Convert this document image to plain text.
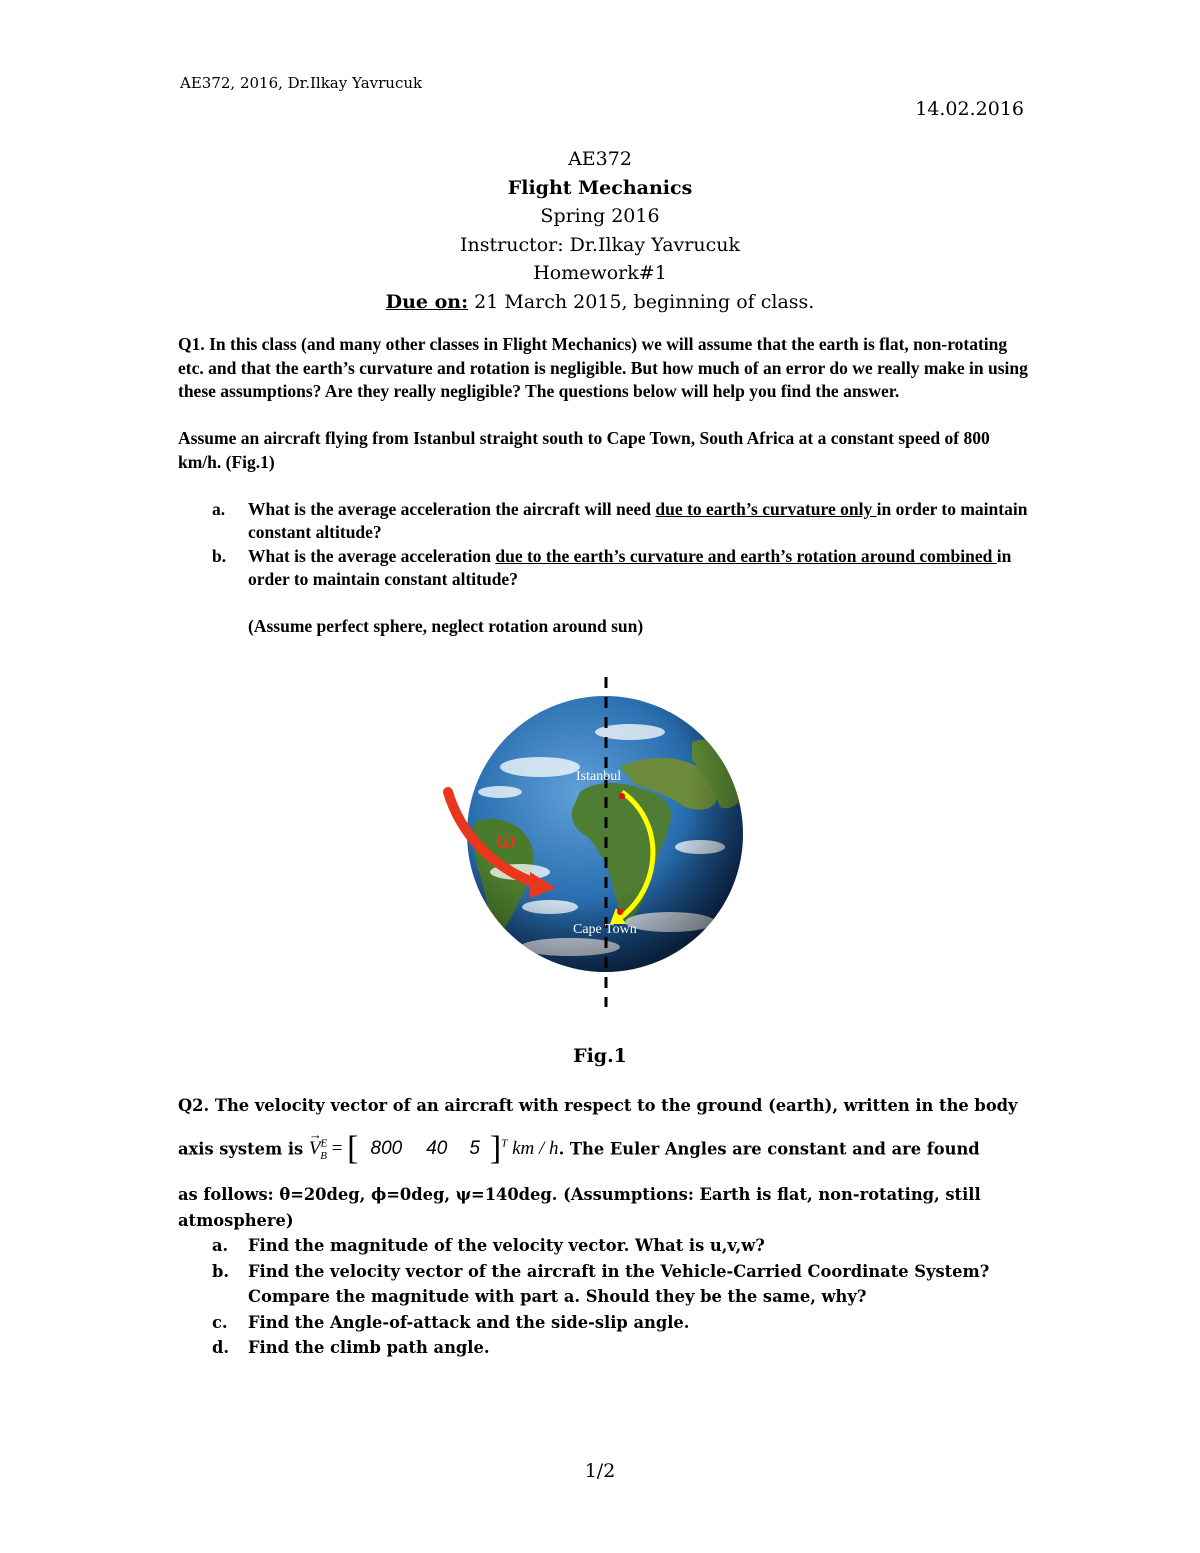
AE372, 2016, Dr.Ilkay Yavrucuk
14.02.2016
AE372
Flight Mechanics
Spring 2016
Instructor: Dr.Ilkay Yavrucuk
Homework#1
Due on: 21 March 2015, beginning of class.

Q1. In this class (and many other classes in Flight Mechanics) we will assume that the earth is flat, non-rotating etc. and that the earth’s curvature and rotation is negligible. But how much of an error do we really make in using these assumptions? Are they really negligible? The questions below will help you find the answer.

Assume an aircraft flying from Istanbul straight south to Cape Town, South Africa at a constant speed of 800 km/h. (Fig.1)

a. What is the average acceleration the aircraft will need due to earth’s curvature only in order to maintain constant altitude?
b. What is the average acceleration due to the earth’s curvature and earth’s rotation around combined in order to maintain constant altitude?
(Assume perfect sphere, neglect rotation around sun)
ω
Istanbul
Cape Town
Fig.1

Q2. The velocity vector of an aircraft with respect to the ground (earth), written in the body

axis system is
→
$V^E_B$ = [ 800 40 5 ]$^T$ km / h. The Euler Angles are constant and are found

as follows: θ=20deg, ϕ=0deg, ψ=140deg. (Assumptions: Earth is flat, non-rotating, still atmosphere)

a. Find the magnitude of the velocity vector. What is u,v,w?
b. Find the velocity vector of the aircraft in the Vehicle-Carried Coordinate System? Compare the magnitude with part a. Should they be the same, why?
c. Find the Angle-of-attack and the side-slip angle.
d. Find the climb path angle.
1/2
